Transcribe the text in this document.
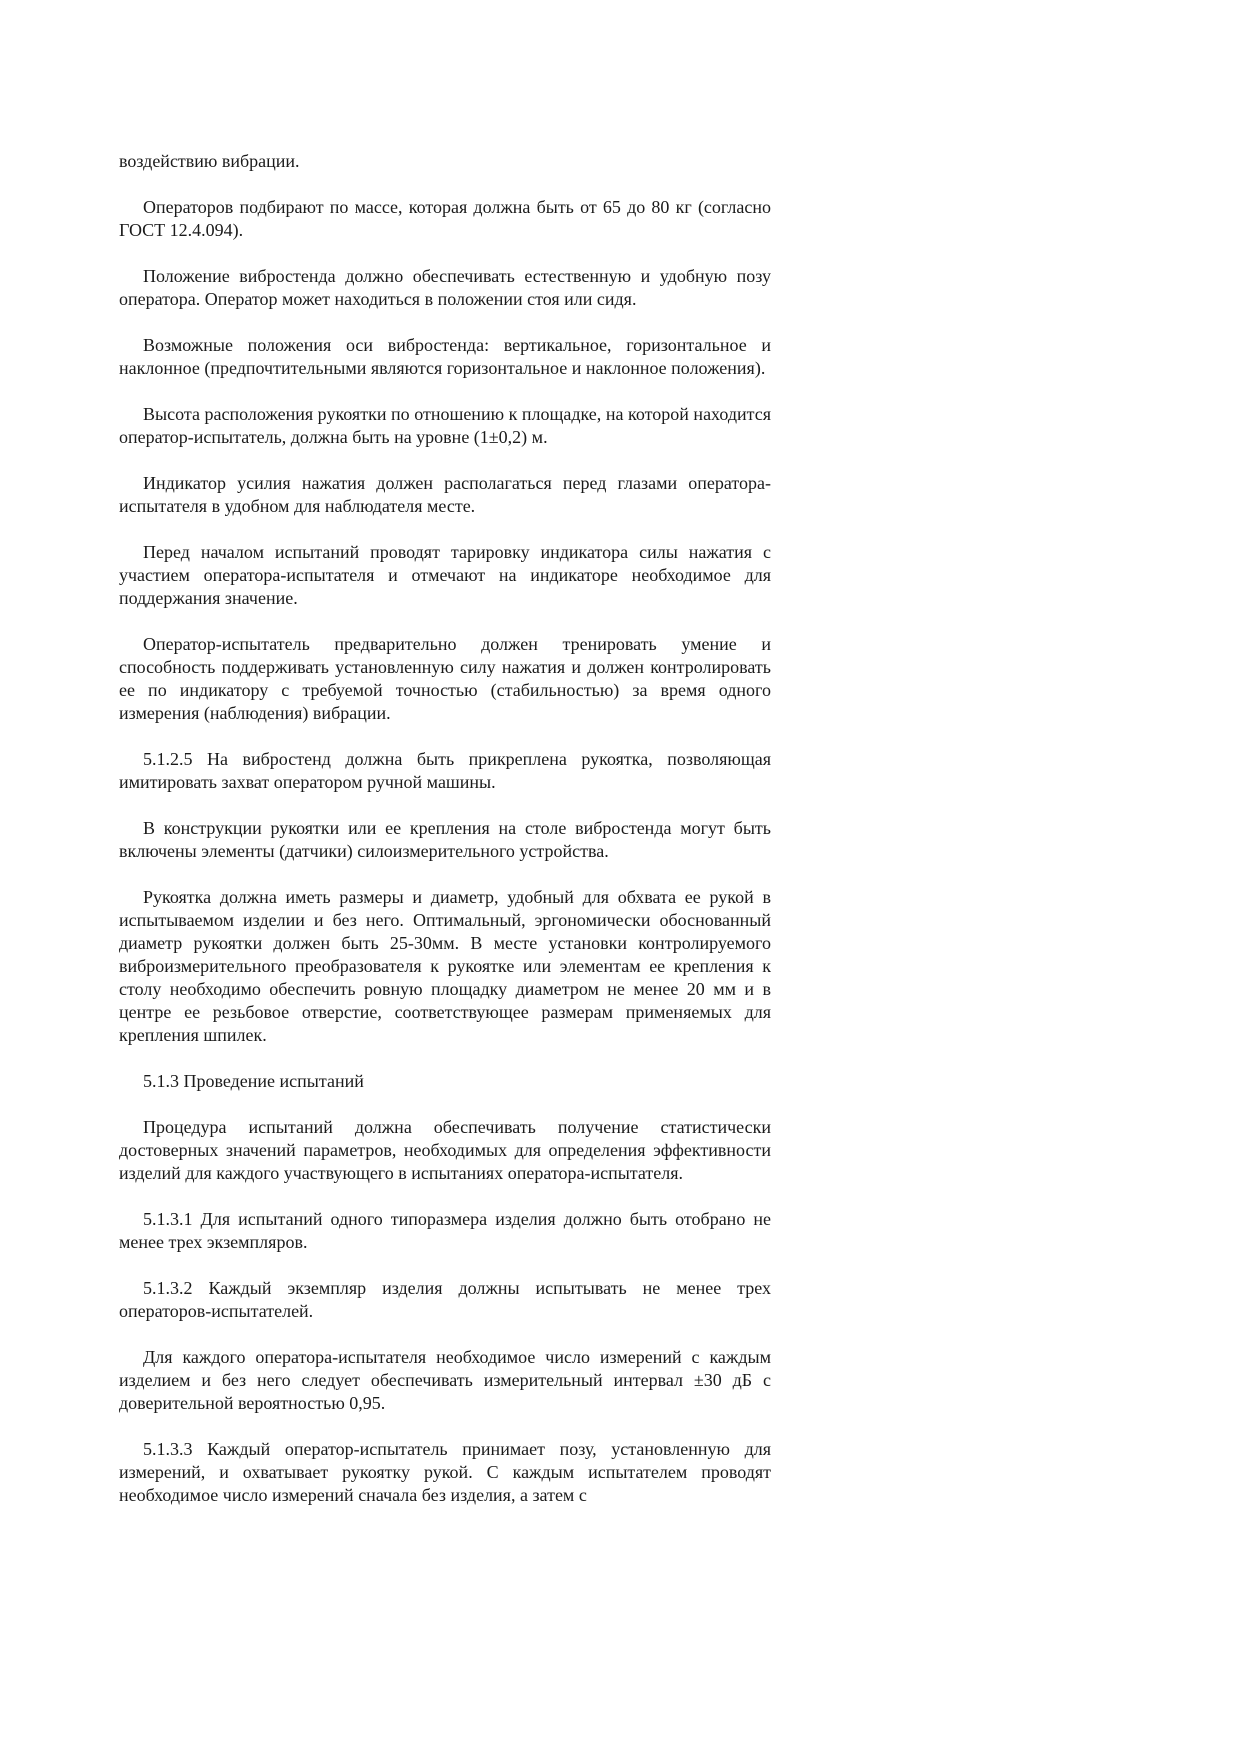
воздействию вибрации.

Операторов подбирают по массе, которая должна быть от 65 до 80 кг (согласно ГОСТ 12.4.094).

Положение вибростенда должно обеспечивать естественную и удобную позу оператора. Оператор может находиться в положении стоя или сидя.

Возможные положения оси вибростенда: вертикальное, горизонтальное и наклонное (предпочтительными являются горизонтальное и наклонное положения).

Высота расположения рукоятки по отношению к площадке, на которой находится оператор-испытатель, должна быть на уровне (1±0,2) м.

Индикатор усилия нажатия должен располагаться перед глазами оператора-испытателя в удобном для наблюдателя месте.

Перед началом испытаний проводят тарировку индикатора силы нажатия с участием оператора-испытателя и отмечают на индикаторе необходимое для поддержания значение.

Оператор-испытатель предварительно должен тренировать умение и способность поддерживать установленную силу нажатия и должен контролировать ее по индикатору с требуемой точностью (стабильностью) за время одного измерения (наблюдения) вибрации.

5.1.2.5 На вибростенд должна быть прикреплена рукоятка, позволяющая имитировать захват оператором ручной машины.

В конструкции рукоятки или ее крепления на столе вибростенда могут быть включены элементы (датчики) силоизмерительного устройства.

Рукоятка должна иметь размеры и диаметр, удобный для обхвата ее рукой в испытываемом изделии и без него. Оптимальный, эргономически обоснованный диаметр рукоятки должен быть 25-30мм. В месте установки контролируемого виброизмерительного преобразователя к рукоятке или элементам ее крепления к столу необходимо обеспечить ровную площадку диаметром не менее 20 мм и в центре ее резьбовое отверстие, соответствующее размерам применяемых для крепления шпилек.

5.1.3 Проведение испытаний

Процедура испытаний должна обеспечивать получение статистически достоверных значений параметров, необходимых для определения эффективности изделий для каждого участвующего в испытаниях оператора-испытателя.

5.1.3.1 Для испытаний одного типоразмера изделия должно быть отобрано не менее трех экземпляров.

5.1.3.2 Каждый экземпляр изделия должны испытывать не менее трех операторов-испытателей.

Для каждого оператора-испытателя необходимое число измерений с каждым изделием и без него следует обеспечивать измерительный интервал ±30 дБ с доверительной вероятностью 0,95.

5.1.3.3 Каждый оператор-испытатель принимает позу, установленную для измерений, и охватывает рукоятку рукой. С каждым испытателем проводят необходимое число измерений сначала без изделия, а затем с
